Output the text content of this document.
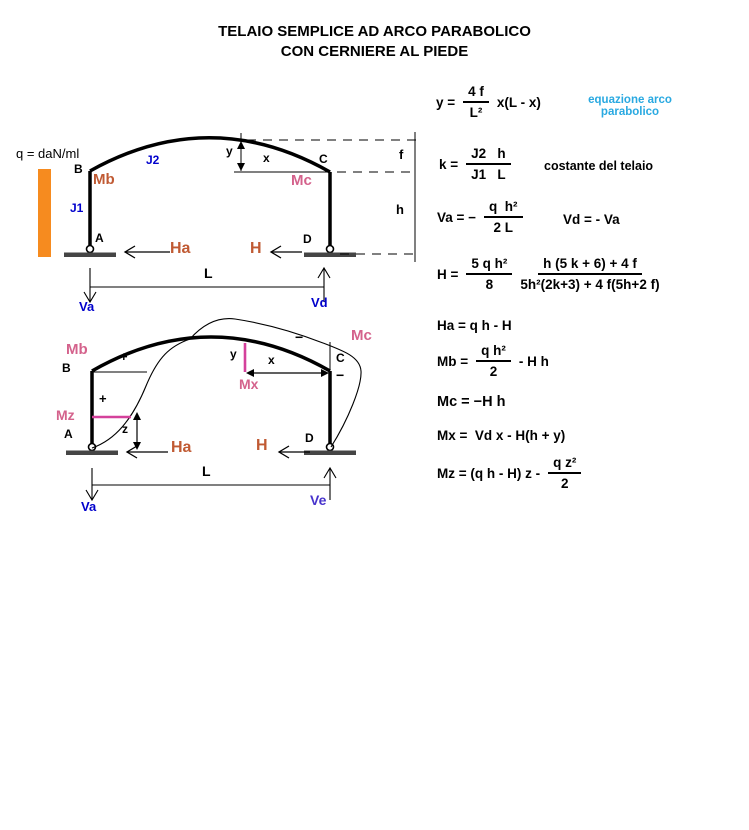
TELAIO SEMPLICE AD ARCO PARABOLICO
CON CERNIERE AL PIEDE
q = daN/ml
B
Mb
J1
J2
A
Ha
y	x	C
Mc
D
H
f
h
L
Va	Vd
Mb
B
+
+
Mz
A	z
Ha
y
Mx
x
−
−
C
Mc
D
H
L
Va	Ve
$y = \frac{4 f}{\text{L²}} x(L - x)$	equazione arco
parabolico
$k = \frac{J2 h}{J1 L}$	costante del telaio
Va = − $\frac{\text{q  h²}}{2 L}$	Vd = - Va
$H = \frac{\text{5 q h²}}{8} \frac{h (5 k + 6) + 4 f}{\text{5h²(2k+3) + 4 f(5h+2 f)}}$
Ha = q h - H
$Mb = \frac{\text{q h²}}{2} - H$ h
Mc = −H h
Mx =  Vd x - H(h + y)
Mz = (q h - H) z - $\frac{\text{q z²}}{2}$
